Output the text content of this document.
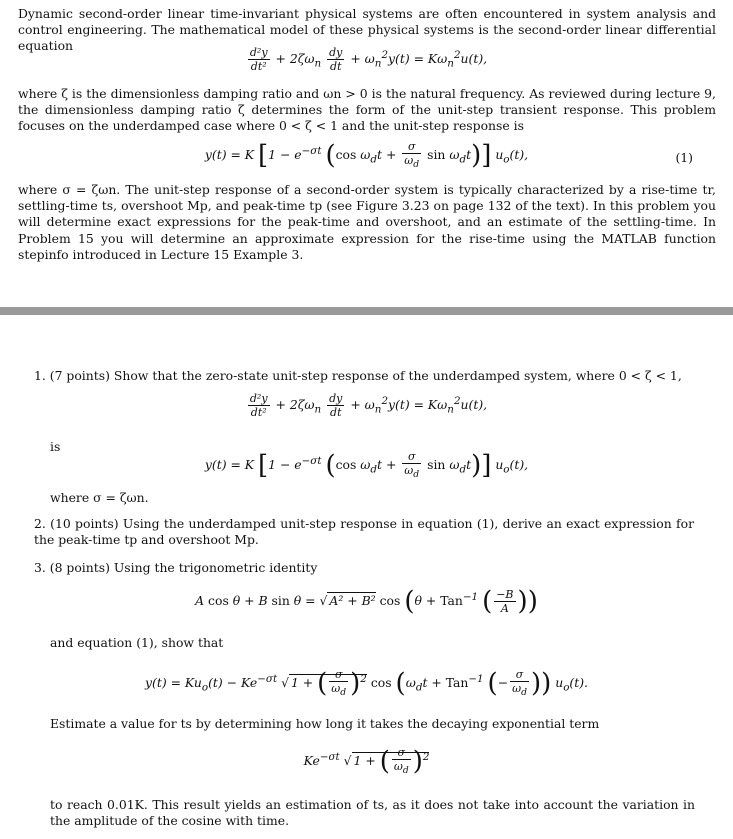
Dynamic second-order linear time-invariant physical systems are often encountered in system analysis and control engineering. The mathematical model of these physical systems is the second-order linear differential equation

$\frac{\text{d²y}}{\text{dt²}} + 2\zeta\omega_n \frac{dy}{dt} + \omega_n^2y(t) = K\omega_n^2u(t)$,

where ζ is the dimensionless damping ratio and ωn > 0 is the natural frequency. As reviewed during lecture 9, the dimensionless damping ratio ζ determines the form of the unit-step transient response. This problem focuses on the underdamped case where 0 < ζ < 1 and the unit-step response is

y(t) = K [$1 - e^{-\sigma t}$ (cos $\omega_dt + \frac{\sigma}{\omega_d}$ $\sin \omega_dt$)] $u_o(t)$,	(1)

where σ = ζωn. The unit-step response of a second-order system is typically characterized by a rise-time tr, settling-time ts, overshoot Mp, and peak-time tp (see Figure 3.23 on page 132 of the text). In this problem you will determine exact expressions for the peak-time and overshoot, and an estimate of the settling-time. In Problem 15 you will determine an approximate expression for the rise-time using the MATLAB function stepinfo introduced in Lecture 15 Example 3.

1. (7 points) Show that the zero-state unit-step response of the underdamped system, where 0 < ζ < 1,
$\frac{\text{d²y}}{\text{dt²}} + 2\zeta\omega_n \frac{dy}{dt} + \omega_n^2y(t) = K\omega_n^2u(t)$,
is
y(t) = K [$1 - e^{-\sigma t}$ (cos $\omega_dt + \frac{\sigma}{\omega_d}$ $\sin \omega_dt$)] $u_o(t)$,
where σ = ζωn.
2. (10 points) Using the underdamped unit-step response in equation (1), derive an exact expression for the peak-time tp and overshoot Mp.
3. (8 points) Using the trigonometric identity
A cos θ + B sin θ = √ A² + B² cos (θ + Tan$^{-1}$ ( $\frac{-B}{A}$ ))
and equation (1), show that
$y(t) = Ku_o(t) - Ke^{-\sigma t}$ √ 1 + ( $\frac{\sigma}{\omega_d} )^2$ $\cos (\omega_dt + Tan^{-1}$ (− $\frac{\sigma}{\omega_d}$ )) $u_o(t)$.
Estimate a value for ts by determining how long it takes the decaying exponential term
$Ke^{-\sigma t}$ √ 1 + ( $\frac{\sigma}{\omega_d} )^2$
to reach 0.01K. This result yields an estimation of ts, as it does not take into account the variation in the amplitude of the cosine with time.
